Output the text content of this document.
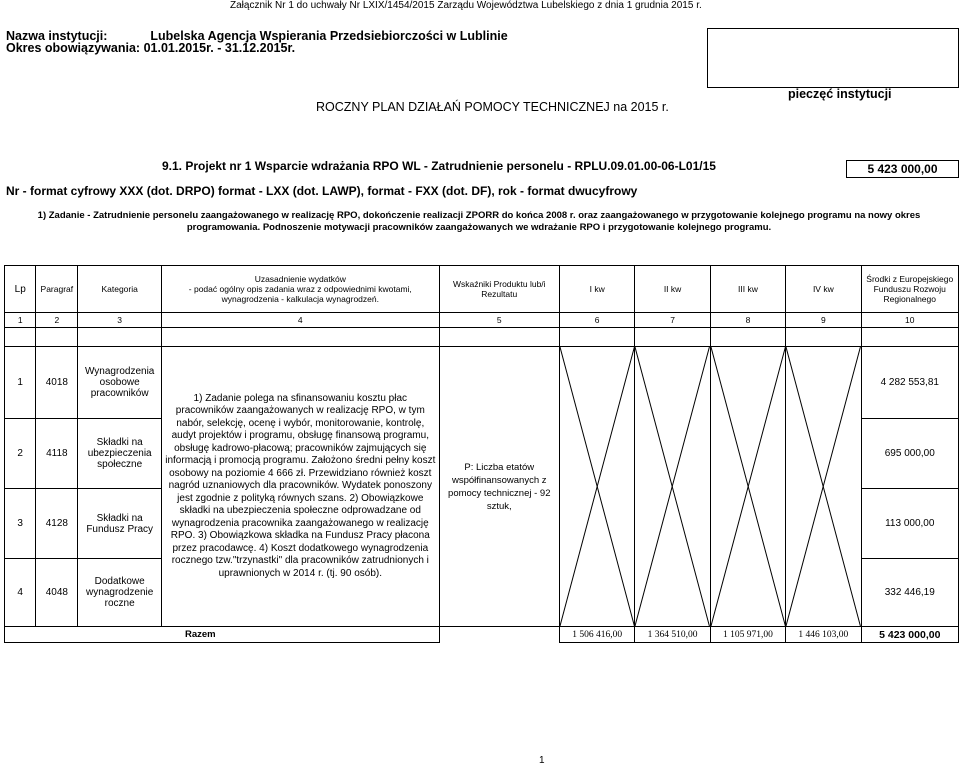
Załącznik Nr 1 do uchwały Nr LXIX/1454/2015 Zarządu Województwa Lubelskiego z dnia 1 grudnia 2015 r.
Nazwa instytucji:	Lubelska Agencja Wspierania Przedsiebiorczości w Lublinie
Okres obowiązywania: 01.01.2015r. - 31.12.2015r.
pieczęć instytucji
ROCZNY PLAN DZIAŁAŃ POMOCY TECHNICZNEJ na 2015 r.
9.1. Projekt nr 1 Wsparcie wdrażania RPO WL - Zatrudnienie personelu - RPLU.09.01.00-06-L01/15	5 423 000,00
Nr - format cyfrowy XXX (dot. DRPO) format - LXX (dot. LAWP), format - FXX (dot. DF), rok - format dwucyfrowy
1) Zadanie - Zatrudnienie personelu zaangażowanego w realizację RPO, dokończenie realizacji ZPORR do końca 2008 r. oraz zaangażowanego w przygotowanie kolejnego programu na nowy okres
programowania. Podnoszenie motywacji pracowników zaangażowanych we wdrażanie RPO i przygotowanie kolejnego programu.
Lp	Paragraf	Kategoria	Uzasadnienie wydatków
- podać ogólny opis zadania wraz z odpowiednimi kwotami,
wynagrodzenia - kalkulacja wynagrodzeń.	Wskaźniki Produktu lub/i Rezultatu	I kw	II kw	III kw	IV kw	Środki z Europejskiego Funduszu Rozwoju Regionalnego
1	2	3	4	5	6	7	8	9	10

1	4018	Wynagrodzenia osobowe pracowników	1) Zadanie polega na sfinansowaniu kosztu płac pracowników zaangażowanych w realizację RPO, w tym nabór, selekcję, ocenę i wybór, monitorowanie, kontrolę, audyt projektów i programu, obsługę finansową programu, obsługę kadrowo-płacową; pracowników zajmujących się informacją i promocją programu. Założono średni pełny koszt osobowy na poziomie 4 666 zł. Przewidziano również koszt nagród uznaniowych dla pracowników. Wydatek ponoszony jest zgodnie z polityką równych szans. 2) Obowiązkowe składki na ubezpieczenia społeczne odprowadzane od wynagrodzenia pracownika zaangażowanego w realizację RPO. 3) Obowiązkowa składka na Fundusz Pracy płacona przez pracodawcę. 4) Koszt dodatkowego wynagrodzenia rocznego tzw."trzynastki" dla pracowników zatrudnionych i uprawnionych w 2014 r. (tj. 90 osób).	P: Liczba etatów współfinansowanych z pomocy technicznej - 92 sztuk,					4 282 553,81
2	4118	Składki na ubezpieczenia społeczne							695 000,00
3	4128	Składki na Fundusz Pracy							113 000,00
4	4048	Dodatkowe wynagrodzenie roczne							332 446,19
Razem					1 506 416,00	1 364 510,00	1 105 971,00	1 446 103,00	5 423 000,00
1
